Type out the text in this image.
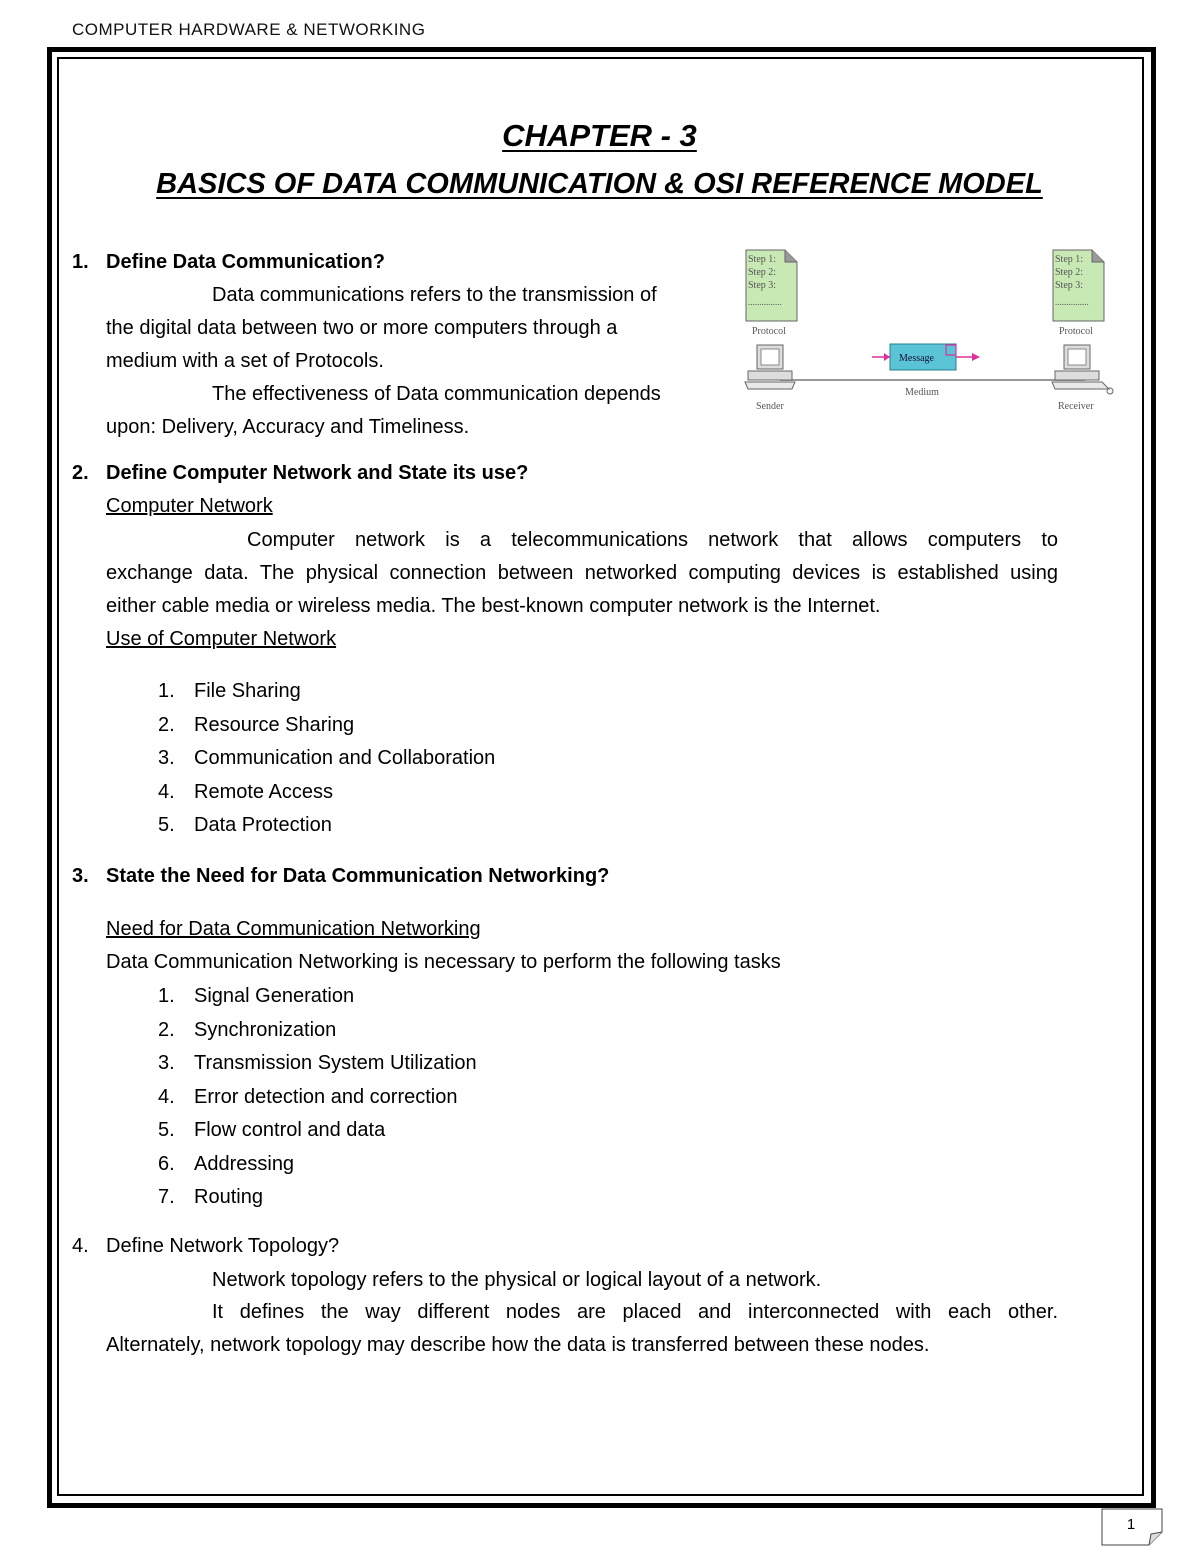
COMPUTER HARDWARE & NETWORKING
CHAPTER - 3
BASICS OF DATA COMMUNICATION & OSI REFERENCE MODEL
1. Define Data Communication?
Data communications refers to the transmission of
the digital data between two or more computers through a
medium with a set of Protocols.
The effectiveness of Data communication depends
upon: Delivery, Accuracy and Timeliness.
Step 1:
Step 2:
Step 3:
...............
Protocol
Step 1:
Step 2:
Step 3:
...............
Protocol
Sender	Receiver
Message
Medium
2. Define Computer Network and State its use?
Computer Network
Computer network is a telecommunications network that allows computers to
exchange data. The physical connection between networked computing devices is established using
either cable media or wireless media. The best-known computer network is the Internet.
Use of Computer Network
1. File Sharing
2. Resource Sharing
3. Communication and Collaboration
4. Remote Access
5. Data Protection
3. State the Need for Data Communication Networking?
Need for Data Communication Networking
Data Communication Networking is necessary to perform the following tasks
1. Signal Generation
2. Synchronization
3. Transmission System Utilization
4. Error detection and correction
5. Flow control and data
6. Addressing
7. Routing
4. Define Network Topology?
Network topology refers to the physical or logical layout of a network.
It defines the way different nodes are placed and interconnected with each other.
Alternately, network topology may describe how the data is transferred between these nodes.
1
